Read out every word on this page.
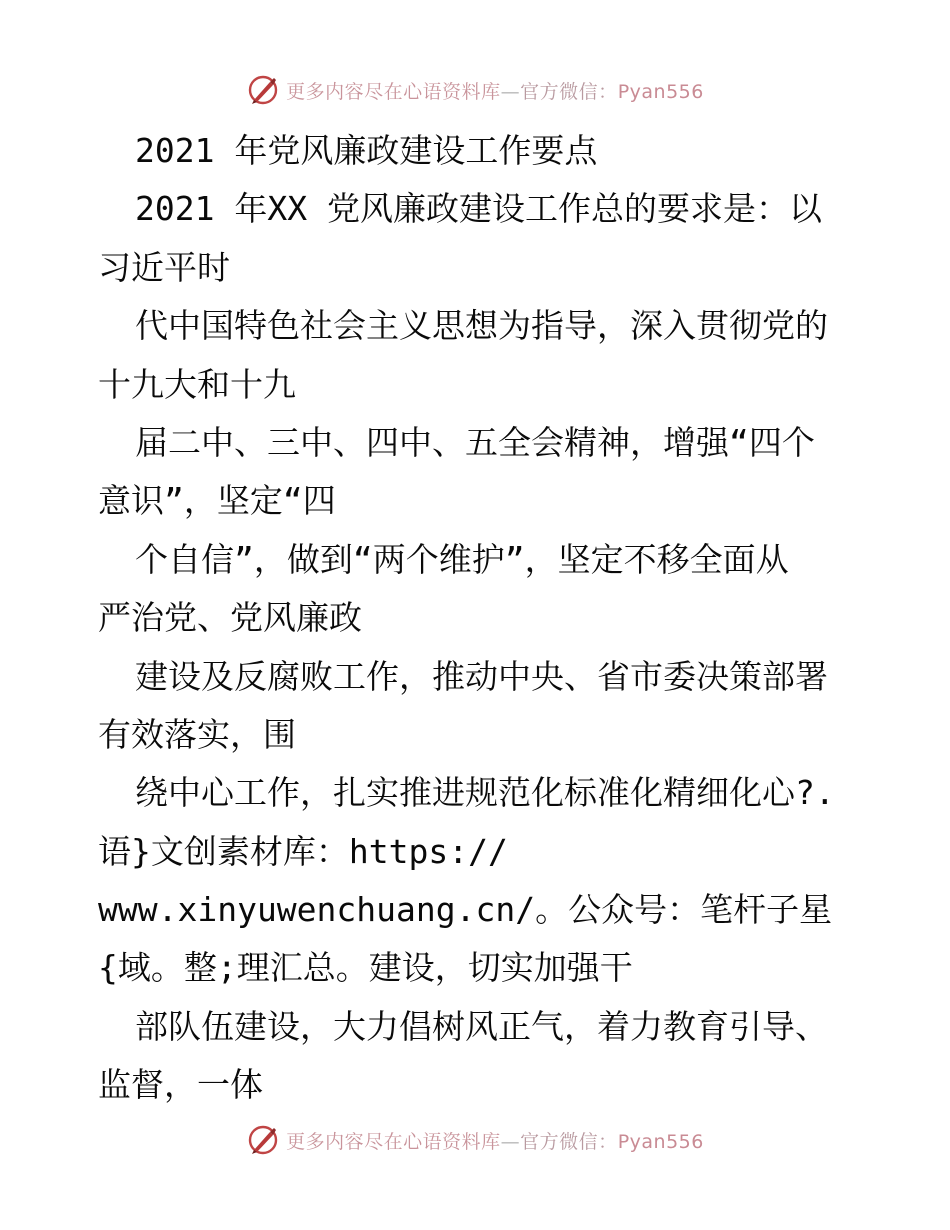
更多内容尽在心语资料库—官方微信：Pyan556
2021 年党风廉政建设工作要点
2021 年XX 党风廉政建设工作总的要求是：以
习近平时
代中国特色社会主义思想为指导，深入贯彻党的
十九大和十九
届二中、三中、四中、五全会精神，增强“四个
意识”，坚定“四
个自信”，做到“两个维护”，坚定不移全面从
严治党、党风廉政
建设及反腐败工作，推动中央、省市委决策部署
有效落实，围
绕中心工作，扎实推进规范化标准化精细化心?.
语}文创素材库：https://
www.xinyuwenchuang.cn/。公众号：笔杆子星
{域。整;理汇总。建设，切实加强干
部队伍建设，大力倡树风正气，着力教育引导、
监督，一体
更多内容尽在心语资料库—官方微信：Pyan556
